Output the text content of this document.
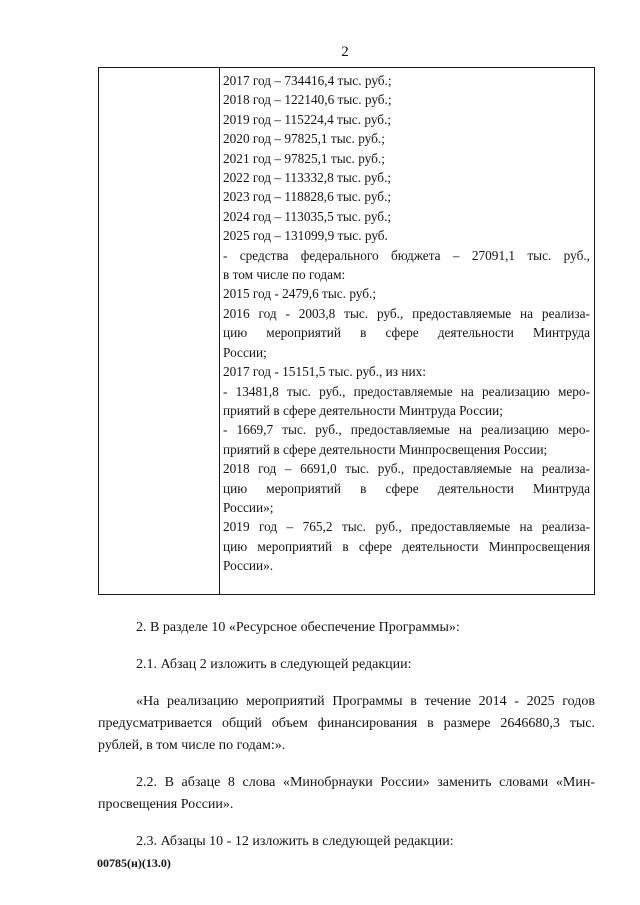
2
2017 год – 734416,4 тыс. руб.;
2018 год – 122140,6 тыс. руб.;
2019 год – 115224,4 тыс. руб.;
2020 год – 97825,1 тыс. руб.;
2021 год – 97825,1 тыс. руб.;
2022 год – 113332,8 тыс. руб.;
2023 год – 118828,6 тыс. руб.;
2024 год – 113035,5 тыс. руб.;
2025 год – 131099,9 тыс. руб.
- средства федерального бюджета – 27091,1 тыс. руб.,
в том числе по годам:
2015 год - 2479,6 тыс. руб.;
2016 год - 2003,8 тыс. руб., предоставляемые на реализа-
цию мероприятий в сфере деятельности Минтруда
России;
2017 год - 15151,5 тыс. руб., из них:
- 13481,8 тыс. руб., предоставляемые на реализацию меро-
приятий в сфере деятельности Минтруда России;
- 1669,7 тыс. руб., предоставляемые на реализацию меро-
приятий в сфере деятельности Минпросвещения России;
2018 год – 6691,0 тыс. руб., предоставляемые на реализа-
цию мероприятий в сфере деятельности Минтруда
России»;
2019 год – 765,2 тыс. руб., предоставляемые на реализа-
цию мероприятий в сфере деятельности Минпросвещения
России».
2. В разделе 10 «Ресурсное обеспечение Программы»:
2.1. Абзац 2 изложить в следующей редакции:
«На реализацию мероприятий Программы в течение 2014 - 2025 годов
предусматривается общий объем финансирования в размере 2646680,3 тыс.
рублей, в том числе по годам:».
2.2. В абзаце 8 слова «Минобрнауки России» заменить словами «Мин-
просвещения России».
2.3. Абзацы 10 - 12 изложить в следующей редакции:
00785(н)(13.0)
